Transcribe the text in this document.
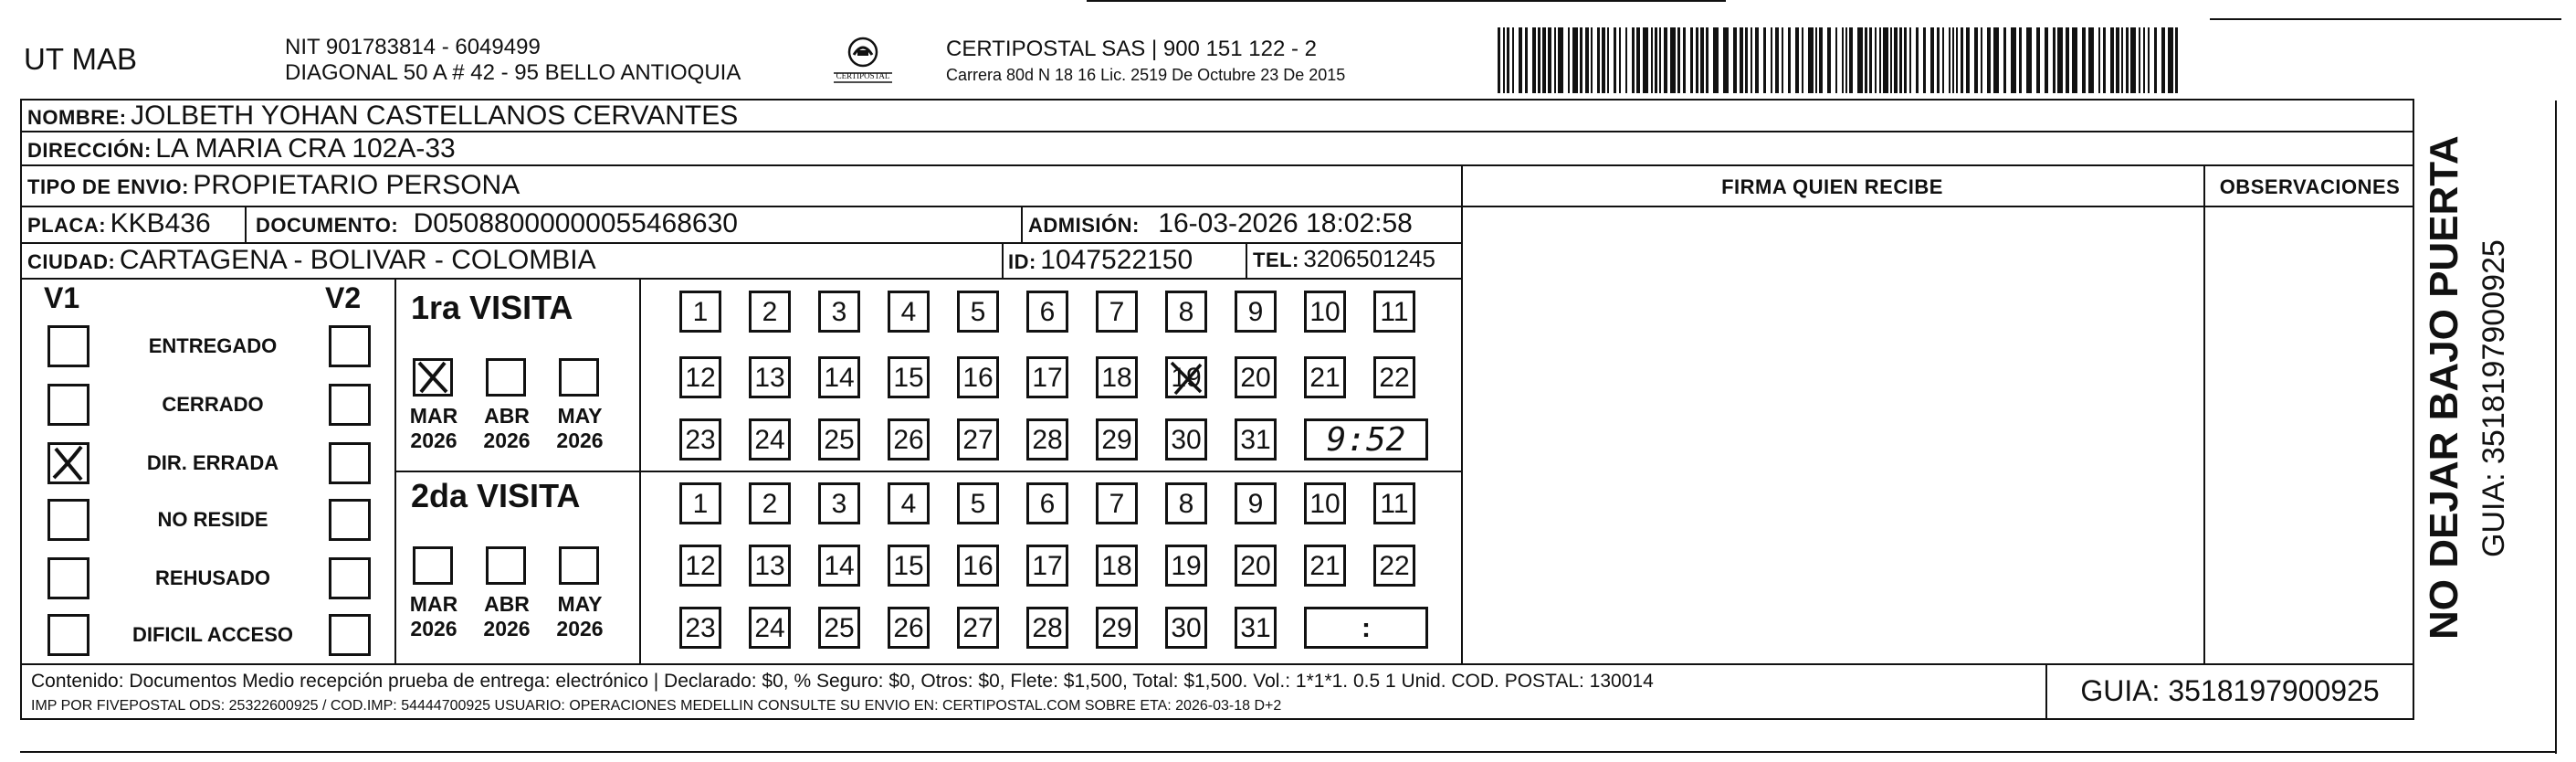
UT MAB	NIT 901783814 - 6049499
DIAGONAL 50 A # 42 - 95 BELLO ANTIOQUIA	CERTIPOSTAL
CERTIPOSTAL SAS | 900 151 122 - 2
Carrera 80d N 18 16 Lic. 2519 De Octubre 23 De 2015
NOMBRE: JOLBETH YOHAN CASTELLANOS CERVANTES
DIRECCIÓN: LA MARIA CRA 102A-33
TIPO DE ENVIO: PROPIETARIO PERSONA
PLACA: KKB436 DOCUMENTO: D05088000000055468630	ADMISIÓN: 16-03-2026 18:02:58
CIUDAD: CARTAGENA - BOLIVAR - COLOMBIA	ID: 1047522150	TEL: 3206501245
FIRMA QUIEN RECIBE	OBSERVACIONES
V1	V2
ENTREGADO
CERRADO
DIR. ERRADA
NO RESIDE
REHUSADO
DIFICIL ACCESO
1ra VISITA
MAR
2026
ABR
2026
MAY
2026
1	2	3	4	5	6	7	8	9	10 11
12 13 14 15 16 17 18 19 20 21 22
23 24 25 26 27 28 29 30 31	9:52
2da VISITA
MAR
2026
ABR
2026
MAY
2026
1	2	3	4	5	6	7	8	9	10 11
12 13 14 15 16 17 18 19 20 21 22
23 24 25 26 27 28 29 30 31	:
Contenido: Documentos Medio recepción prueba de entrega: electrónico | Declarado: $0, % Seguro: $0, Otros: $0, Flete: $1,500, Total: $1,500. Vol.: 1*1*1. 0.5 1 Unid. COD. POSTAL: 130014
IMP POR FIVEPOSTAL ODS: 25322600925 / COD.IMP: 54444700925 USUARIO: OPERACIONES MEDELLIN CONSULTE SU ENVIO EN: CERTIPOSTAL.COM SOBRE ETA: 2026-03-18 D+2	GUIA: 3518197900925
NO DEJAR BAJO PUERTA GUIA: 3518197900925
